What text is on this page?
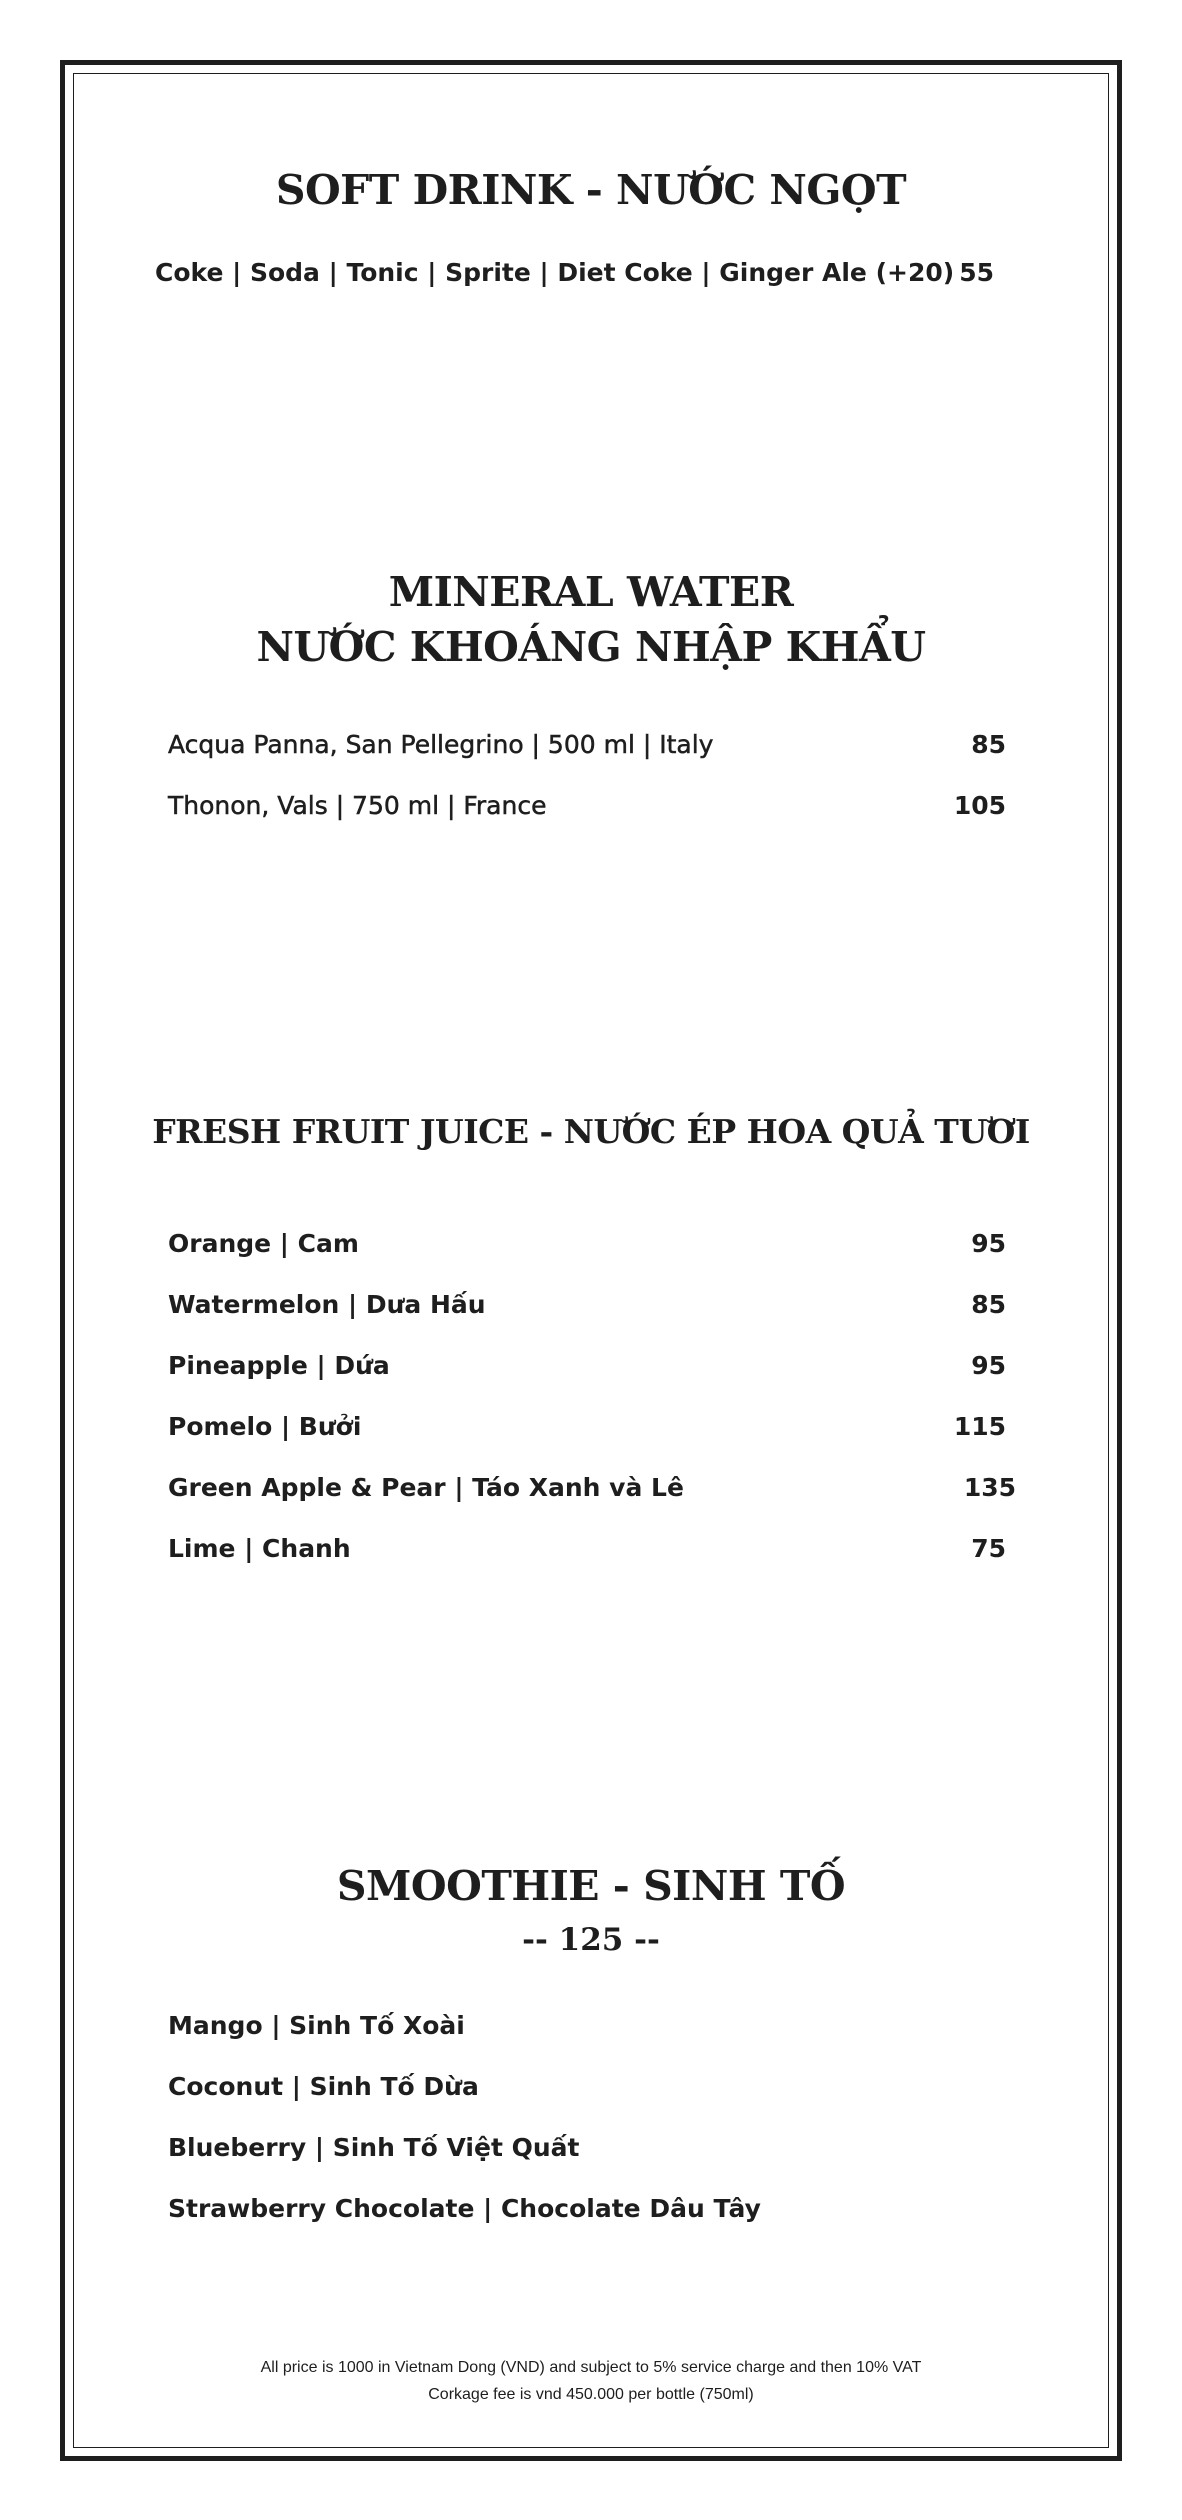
SOFT DRINK - NƯỚC NGỌT
Coke | Soda | Tonic | Sprite | Diet Coke | Ginger Ale (+20) 55
MINERAL WATER
NƯỚC KHOÁNG NHẬP KHẨU
Acqua Panna, San Pellegrino | 500 ml | Italy	85
Thonon, Vals | 750 ml | France	105
FRESH FRUIT JUICE - NƯỚC ÉP HOA QUẢ TƯƠI
Orange | Cam	95
Watermelon | Dưa Hấu	85
Pineapple | Dứa	95
Pomelo | Bưởi	115
Green Apple & Pear | Táo Xanh và Lê	135
Lime | Chanh	75
SMOOTHIE - SINH TỐ
-- 125 --
Mango | Sinh Tố Xoài
Coconut | Sinh Tố Dừa
Blueberry | Sinh Tố Việt Quất
Strawberry Chocolate | Chocolate Dâu Tây
All price is 1000 in Vietnam Dong (VND) and subject to 5% service charge and then 10% VAT
Corkage fee is vnd 450.000 per bottle (750ml)
